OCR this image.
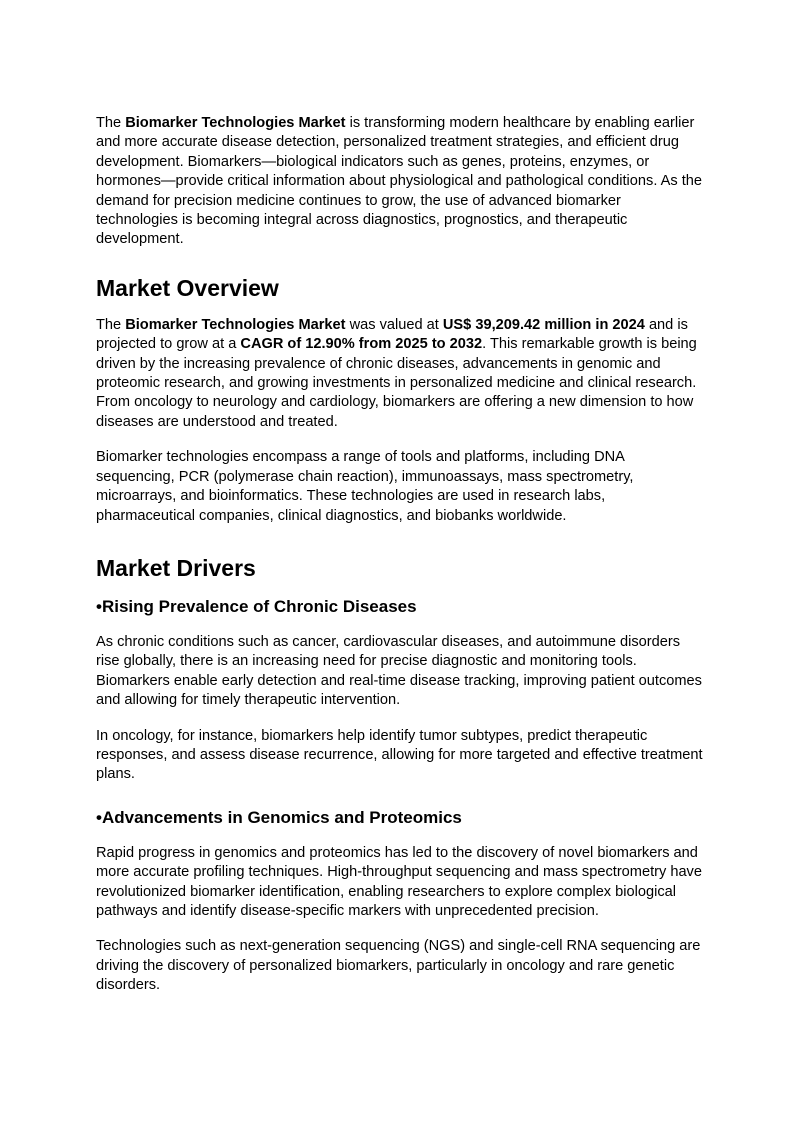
The Biomarker Technologies Market is transforming modern healthcare by enabling earlier and more accurate disease detection, personalized treatment strategies, and efficient drug development. Biomarkers—biological indicators such as genes, proteins, enzymes, or hormones—provide critical information about physiological and pathological conditions. As the demand for precision medicine continues to grow, the use of advanced biomarker technologies is becoming integral across diagnostics, prognostics, and therapeutic development.

Market Overview

The Biomarker Technologies Market was valued at US$ 39,209.42 million in 2024 and is projected to grow at a CAGR of 12.90% from 2025 to 2032. This remarkable growth is being driven by the increasing prevalence of chronic diseases, advancements in genomic and proteomic research, and growing investments in personalized medicine and clinical research. From oncology to neurology and cardiology, biomarkers are offering a new dimension to how diseases are understood and treated.

Biomarker technologies encompass a range of tools and platforms, including DNA sequencing, PCR (polymerase chain reaction), immunoassays, mass spectrometry, microarrays, and bioinformatics. These technologies are used in research labs, pharmaceutical companies, clinical diagnostics, and biobanks worldwide.

Market Drivers
•Rising Prevalence of Chronic Diseases

As chronic conditions such as cancer, cardiovascular diseases, and autoimmune disorders rise globally, there is an increasing need for precise diagnostic and monitoring tools. Biomarkers enable early detection and real-time disease tracking, improving patient outcomes and allowing for timely therapeutic intervention.

In oncology, for instance, biomarkers help identify tumor subtypes, predict therapeutic responses, and assess disease recurrence, allowing for more targeted and effective treatment plans.

•Advancements in Genomics and Proteomics

Rapid progress in genomics and proteomics has led to the discovery of novel biomarkers and more accurate profiling techniques. High-throughput sequencing and mass spectrometry have revolutionized biomarker identification, enabling researchers to explore complex biological pathways and identify disease-specific markers with unprecedented precision.

Technologies such as next-generation sequencing (NGS) and single-cell RNA sequencing are driving the discovery of personalized biomarkers, particularly in oncology and rare genetic disorders.
